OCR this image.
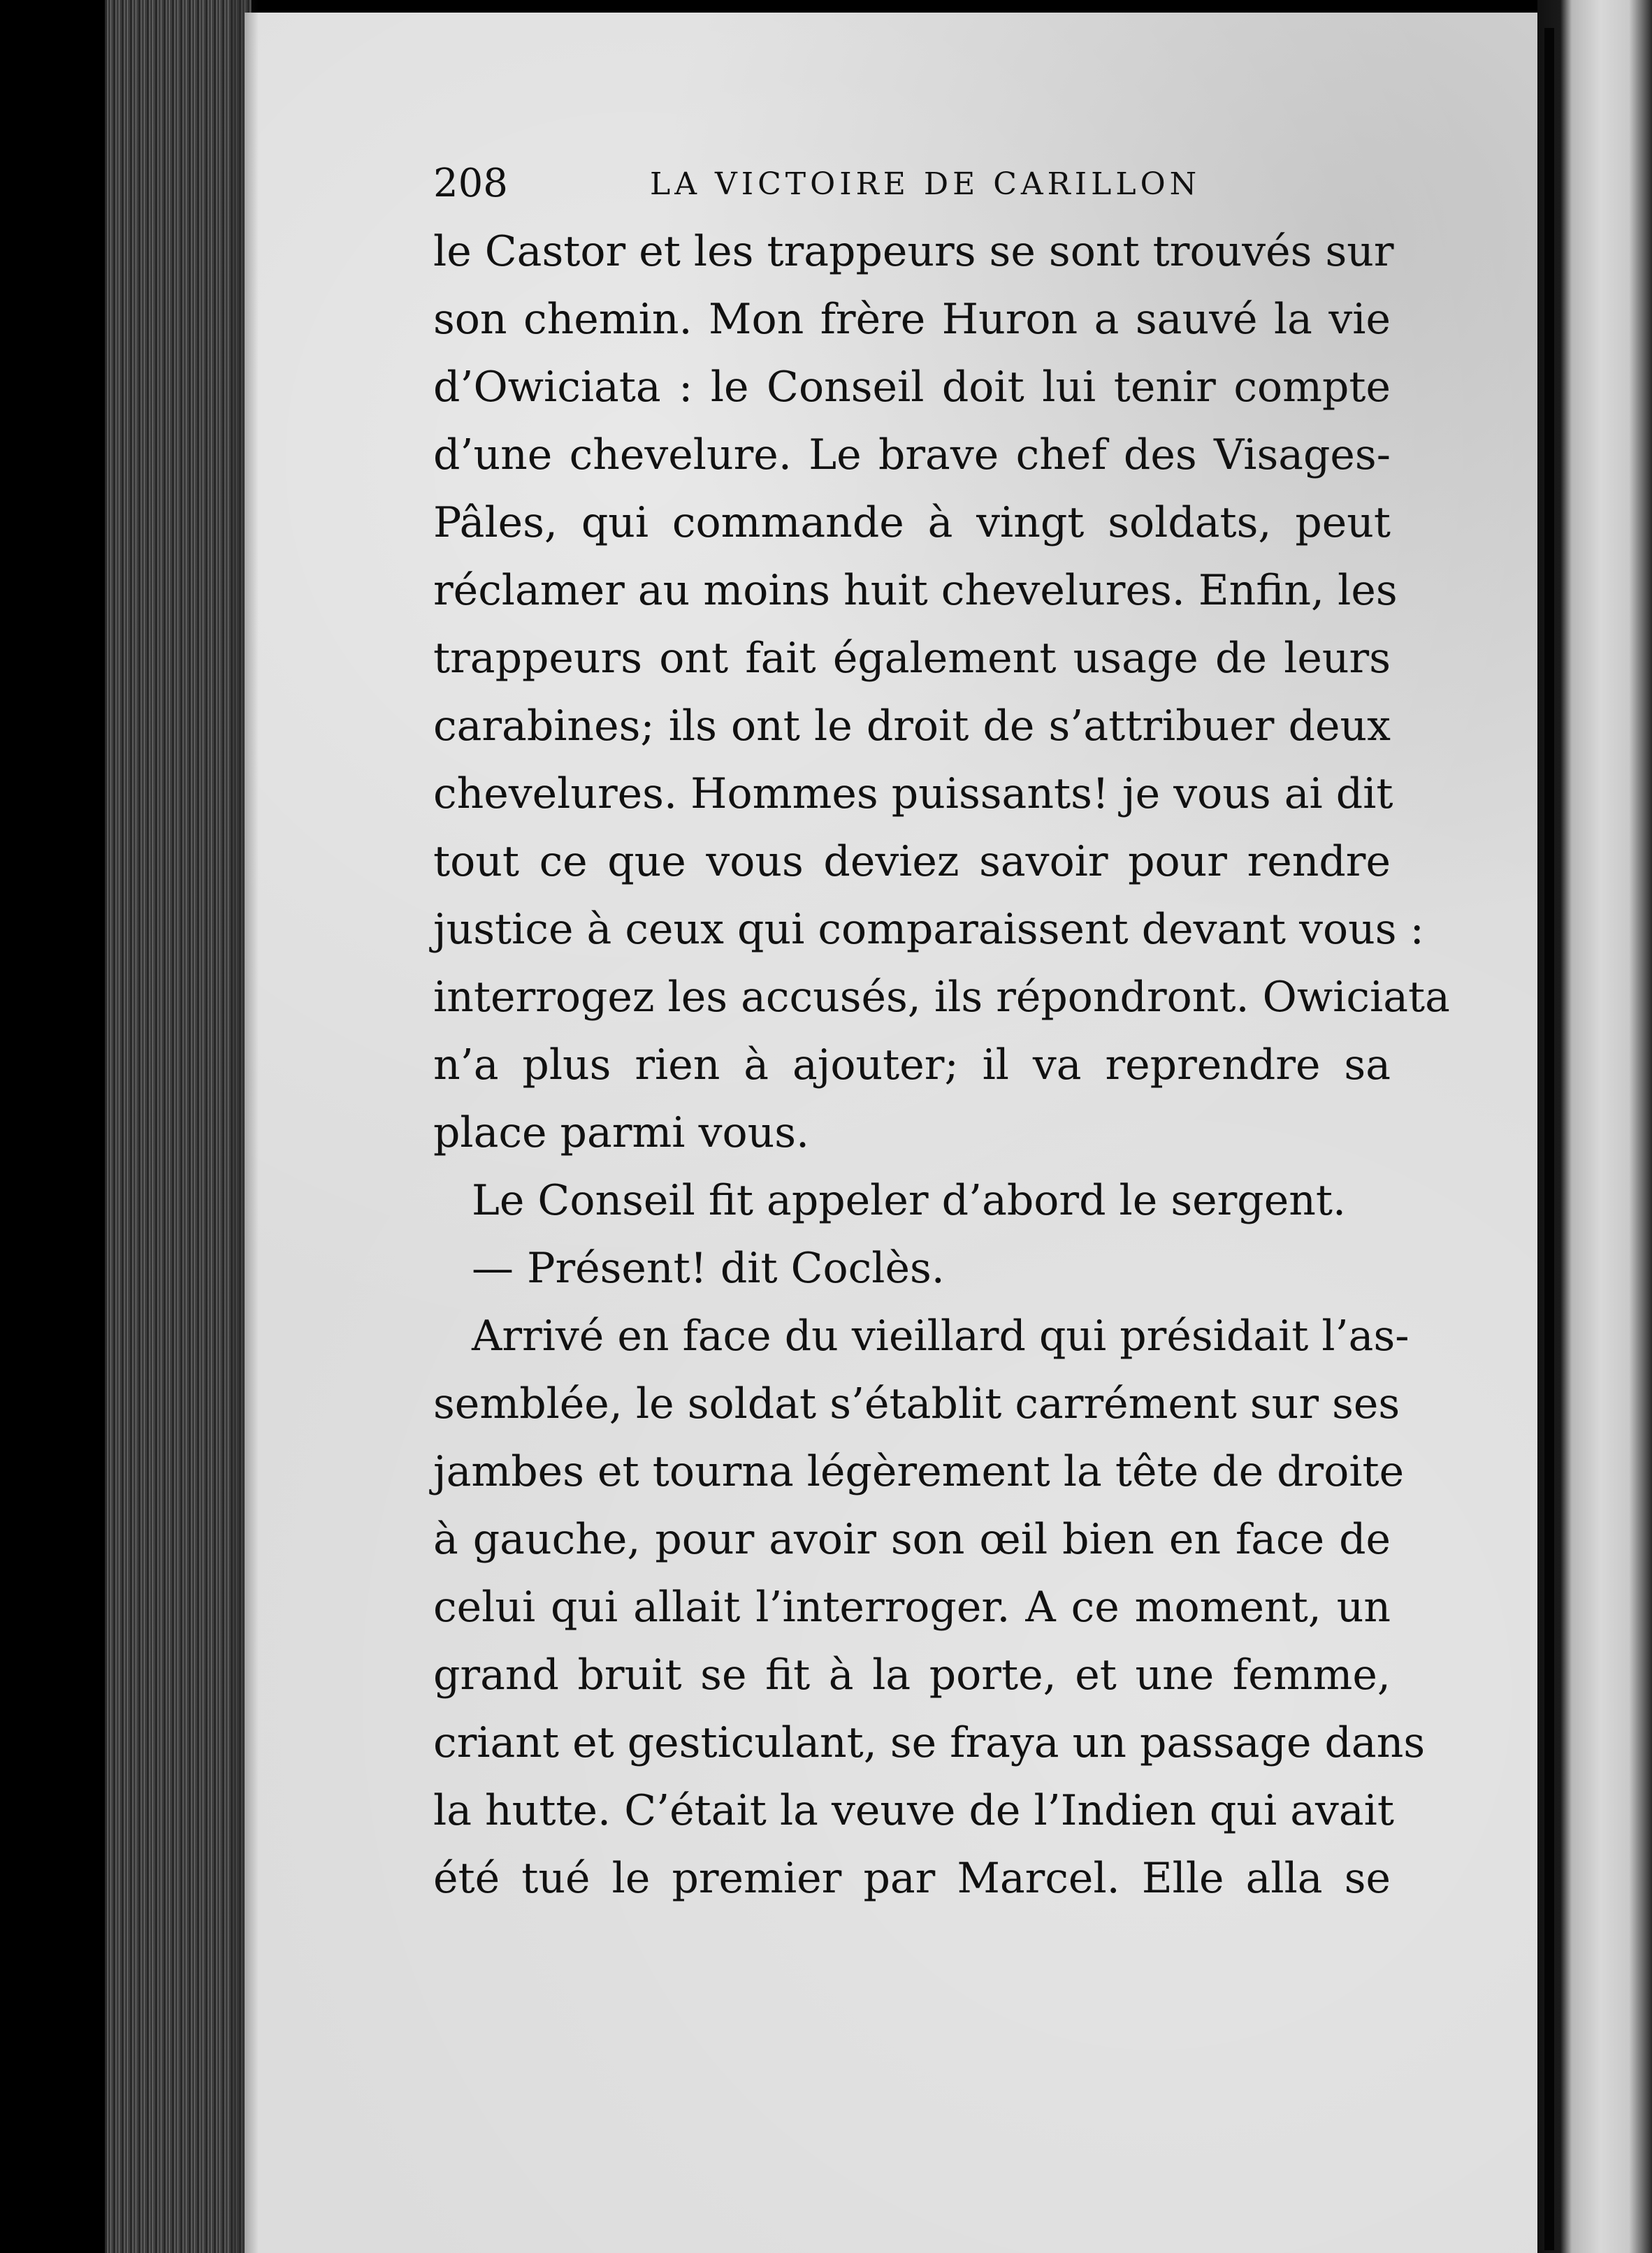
208	LA VICTOIRE DE CARILLON
le Castor et les trappeurs se sont trouvés sur
son chemin. Mon frère Huron a sauvé la vie
d’Owiciata : le Conseil doit lui tenir compte
d’une chevelure. Le brave chef des Visages-
Pâles, qui commande à vingt soldats, peut
réclamer au moins huit chevelures. Enfin, les
trappeurs ont fait également usage de leurs
carabines; ils ont le droit de s’attribuer deux
chevelures. Hommes puissants! je vous ai dit
tout ce que vous deviez savoir pour rendre
justice à ceux qui comparaissent devant vous :
interrogez les accusés, ils répondront. Owiciata
n’a plus rien à ajouter; il va reprendre sa
place parmi vous.
Le Conseil fit appeler d’abord le sergent.
— Présent! dit Coclès.
Arrivé en face du vieillard qui présidait l’as-
semblée, le soldat s’établit carrément sur ses
jambes et tourna légèrement la tête de droite
à gauche, pour avoir son œil bien en face de
celui qui allait l’interroger. A ce moment, un
grand bruit se fit à la porte, et une femme,
criant et gesticulant, se fraya un passage dans
la hutte. C’était la veuve de l’Indien qui avait
été tué le premier par Marcel. Elle alla se
